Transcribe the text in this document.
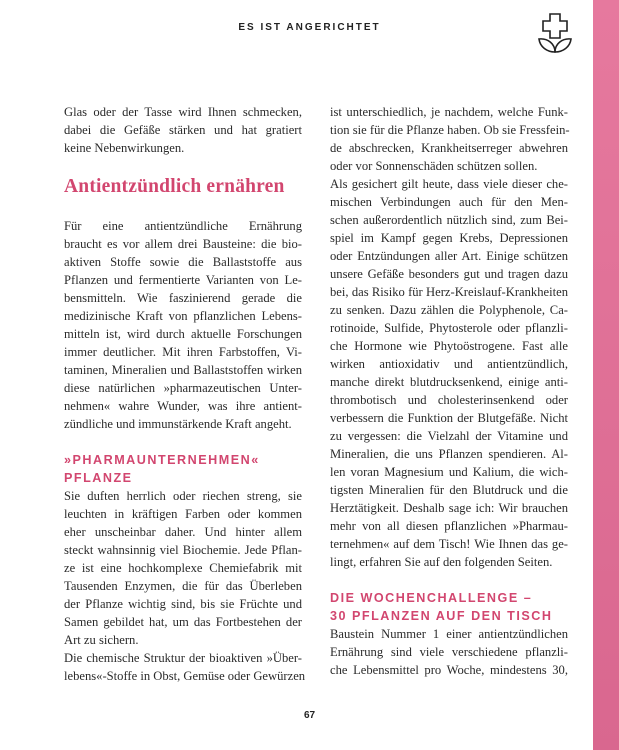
ES IST ANGERICHTET
Glas oder der Tasse wird Ihnen schmecken,
dabei die Gefäße stärken und hat gratiert
keine Nebenwirkungen.
Antientzündlich ernähren
Für eine antientzündliche Ernährung
braucht es vor allem drei Bausteine: die bio-
aktiven Stoffe sowie die Ballaststoffe aus
Pflanzen und fermentierte Varianten von Le-
bensmitteln. Wie faszinierend gerade die
medizinische Kraft von pflanzlichen Lebens-
mitteln ist, wird durch aktuelle Forschungen
immer deutlicher. Mit ihren Farbstoffen, Vi-
taminen, Mineralien und Ballaststoffen wirken
diese natürlichen »pharmazeutischen Unter-
nehmen« wahre Wunder, was ihre antient-
zündliche und immunstärkende Kraft angeht.
»PHARMAUNTERNEHMEN«
PFLANZE
Sie duften herrlich oder riechen streng, sie
leuchten in kräftigen Farben oder kommen
eher unscheinbar daher. Und hinter allem
steckt wahnsinnig viel Biochemie. Jede Pflan-
ze ist eine hochkomplexe Chemiefabrik mit
Tausenden Enzymen, die für das Überleben
der Pflanze wichtig sind, bis sie Früchte und
Samen gebildet hat, um das Fortbestehen der
Art zu sichern.
Die chemische Struktur der bioaktiven »Über-
lebens«-Stoffe in Obst, Gemüse oder Gewürzen
ist unterschiedlich, je nachdem, welche Funk-
tion sie für die Pflanze haben. Ob sie Fressfein-
de abschrecken, Krankheitserreger abwehren
oder vor Sonnenschäden schützen sollen.
Als gesichert gilt heute, dass viele dieser che-
mischen Verbindungen auch für den Men-
schen außerordentlich nützlich sind, zum Bei-
spiel im Kampf gegen Krebs, Depressionen
oder Entzündungen aller Art. Einige schützen
unsere Gefäße besonders gut und tragen dazu
bei, das Risiko für Herz-Kreislauf-Krankheiten
zu senken. Dazu zählen die Polyphenole, Ca-
rotinoide, Sulfide, Phytosterole oder pflanzli-
che Hormone wie Phytoöstrogene. Fast alle
wirken antioxidativ und antientzündlich,
manche direkt blutdrucksenkend, einige anti-
thrombotisch und cholesterinsenkend oder
verbessern die Funktion der Blutgefäße. Nicht
zu vergessen: die Vielzahl der Vitamine und
Mineralien, die uns Pflanzen spendieren. Al-
len voran Magnesium und Kalium, die wich-
tigsten Mineralien für den Blutdruck und die
Herztätigkeit. Deshalb sage ich: Wir brauchen
mehr von all diesen pflanzlichen »Pharmau-
ternehmen« auf dem Tisch! Wie Ihnen das ge-
lingt, erfahren Sie auf den folgenden Seiten.
DIE WOCHENCHALLENGE –
30 PFLANZEN AUF DEN TISCH
Baustein Nummer 1 einer antientzündlichen
Ernährung sind viele verschiedene pflanzli-
che Lebensmittel pro Woche, mindestens 30,
67
